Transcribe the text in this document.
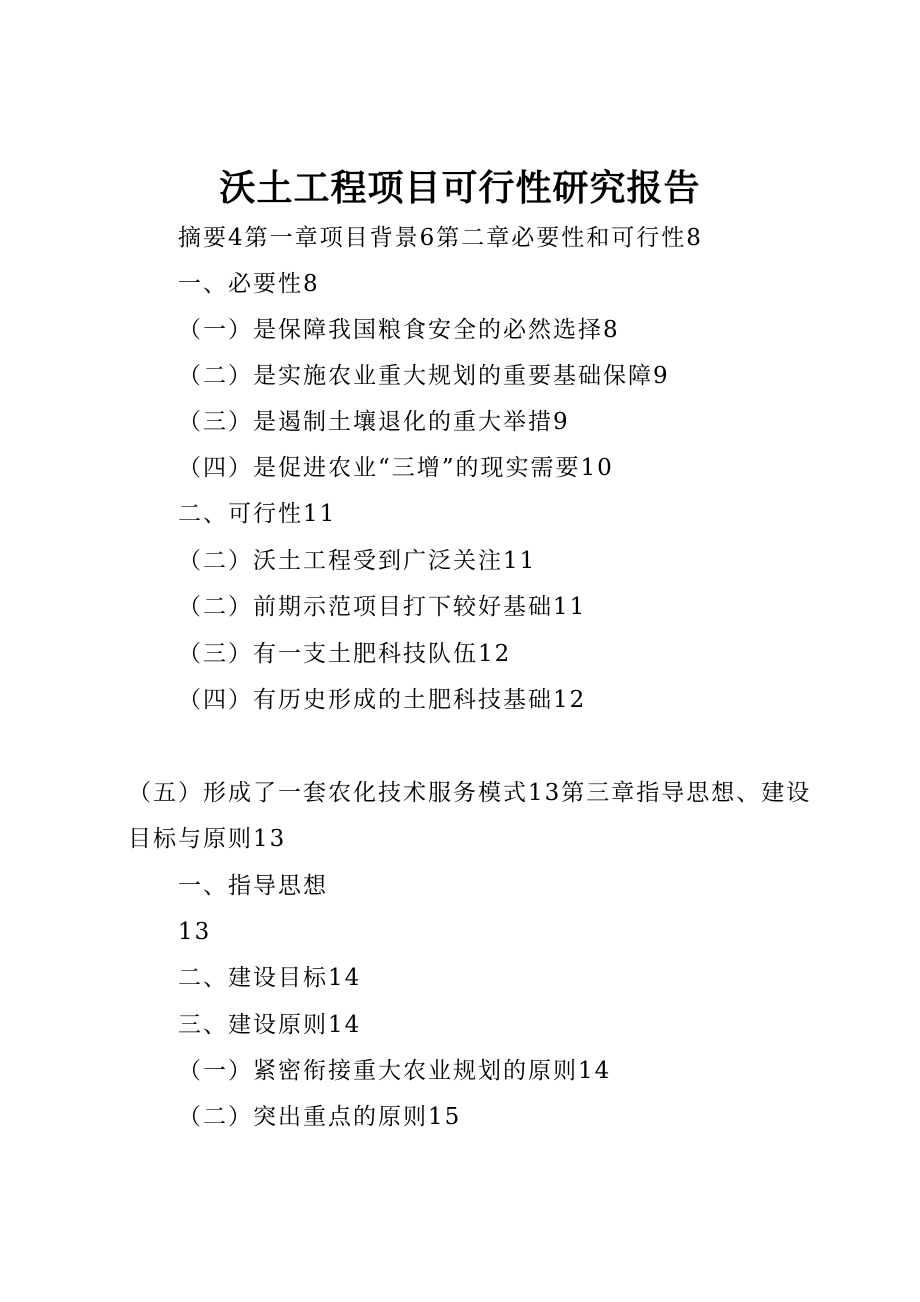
沃土工程项目可行性研究报告
摘要4第一章项目背景6第二章必要性和可行性8
一、必要性8
（一）是保障我国粮食安全的必然选择8
（二）是实施农业重大规划的重要基础保障9
（三）是遏制土壤退化的重大举措9
（四）是促进农业“三增”的现实需要10
二、可行性11
（二）沃土工程受到广泛关注11
（二）前期示范项目打下较好基础11
（三）有一支土肥科技队伍12
（四）有历史形成的土肥科技基础12
（五）形成了一套农化技术服务模式13第三章指导思想、建设
目标与原则13
一、指导思想
13
二、建设目标14
三、建设原则14
（一）紧密衔接重大农业规划的原则14
（二）突出重点的原则15
